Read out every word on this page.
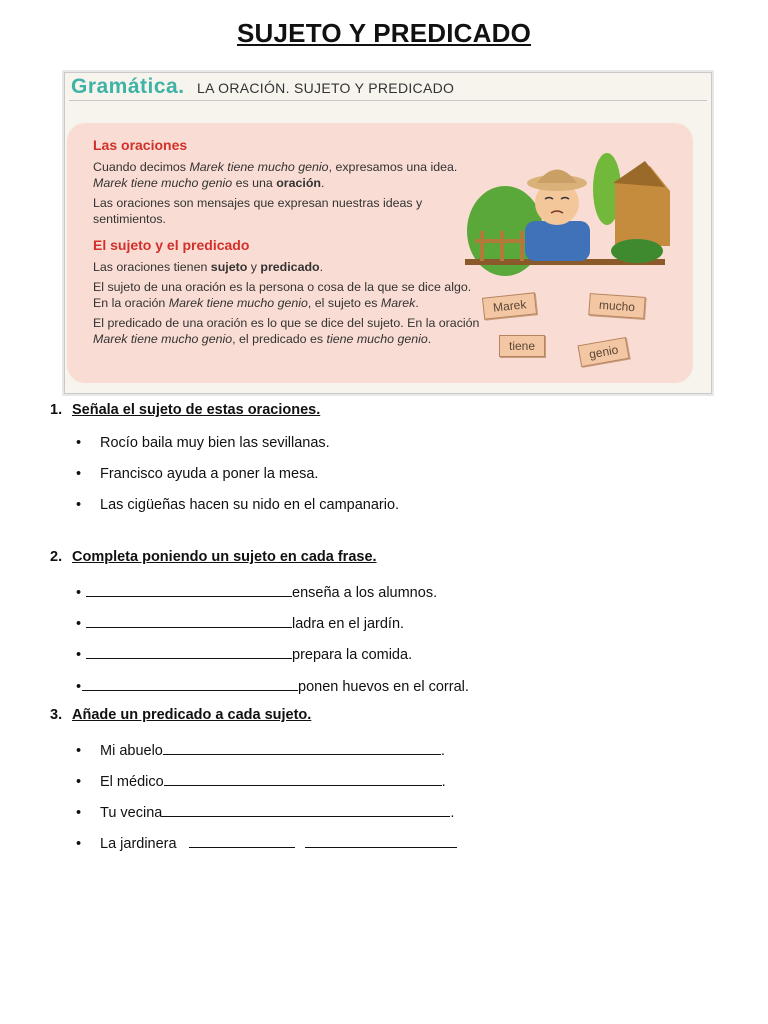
SUJETO Y PREDICADO
Gramática. LA ORACIÓN. SUJETO Y PREDICADO
Las oraciones

Cuando decimos Marek tiene mucho genio, expresamos una idea. Marek tiene mucho genio es una oración.

Las oraciones son mensajes que expresan nuestras ideas y sentimientos.

El sujeto y el predicado

Las oraciones tienen sujeto y predicado.

El sujeto de una oración es la persona o cosa de la que se dice algo. En la oración Marek tiene mucho genio, el sujeto es Marek.

El predicado de una oración es lo que se dice del sujeto. En la oración Marek tiene mucho genio, el predicado es tiene mucho genio.

Marek	mucho
tiene	genio
1. Señala el sujeto de estas oraciones.
• Rocío baila muy bien las sevillanas.
• Francisco ayuda a poner la mesa.
• Las cigüeñas hacen su nido en el campanario.
2. Completa poniendo un sujeto en cada frase.
•	enseña a los alumnos.
•	ladra en el jardín.
•	prepara la comida.
•	ponen huevos en el corral.
3. Añade un predicado a cada sujeto.
• Mi abuelo	.
• El médico	.
• Tu vecina	.
• La jardinera
